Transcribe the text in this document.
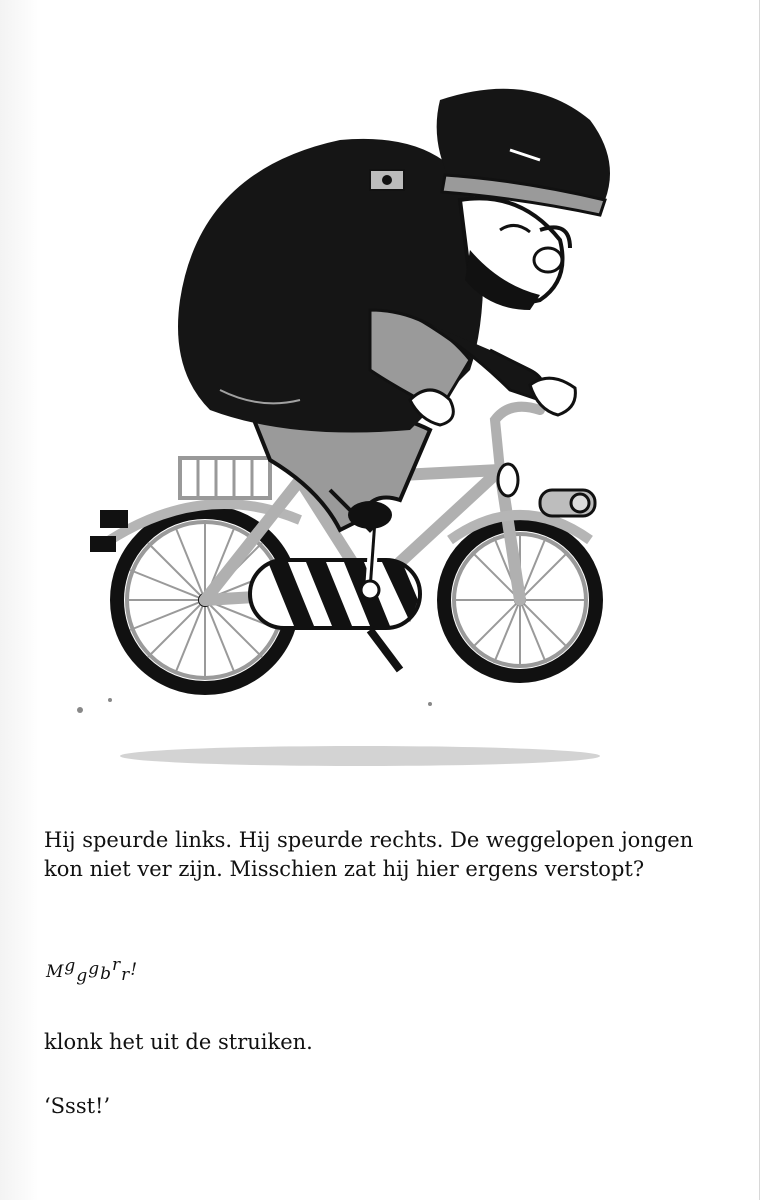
Hij speurde links. Hij speurde rechts. De weggelopen jongen kon niet ver zijn. Misschien zat hij hier ergens verstopt?

Mgggbrr!

klonk het uit de struiken.

‘Ssst!’
